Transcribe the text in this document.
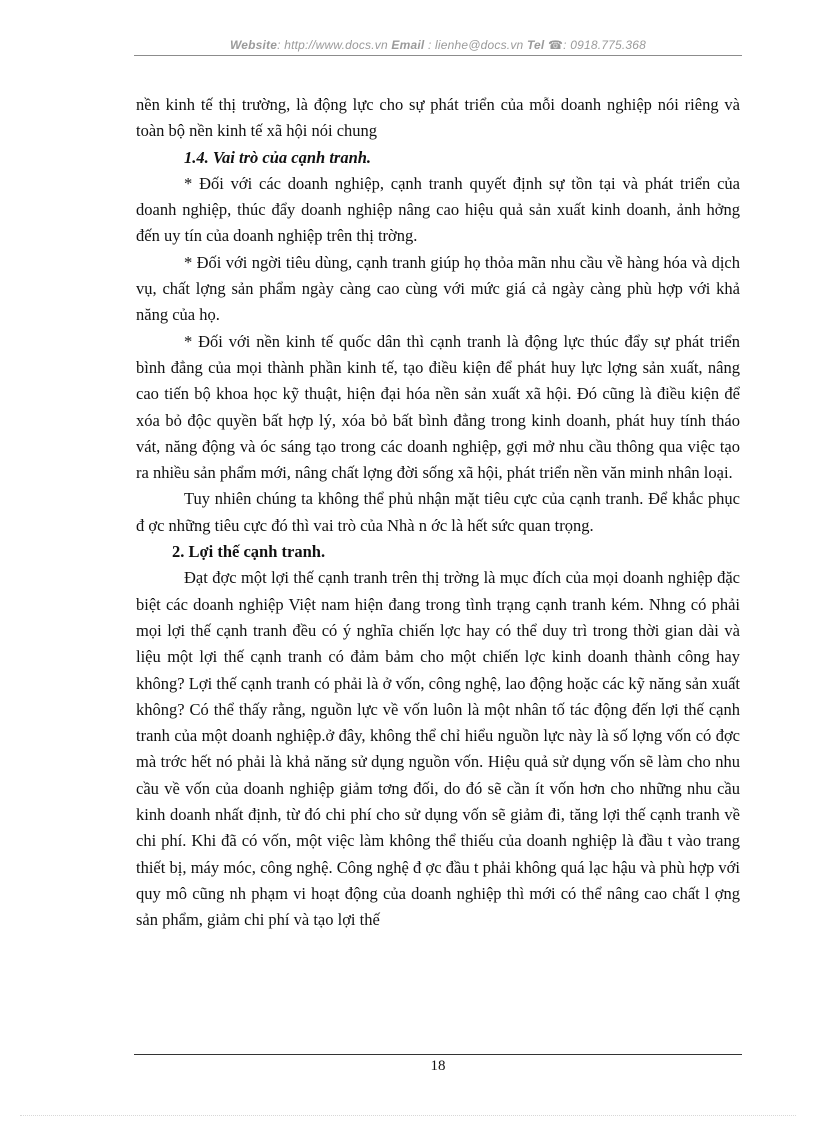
Website: http://www.docs.vn Email : lienhe@docs.vn Tel ☎: 0918.775.368

nền kinh tế thị trường, là động lực cho sự phát triển của mỗi doanh nghiệp nói riêng và toàn bộ nền kinh tế xã hội nói chung

1.4. Vai trò của cạnh tranh.

* Đối với các doanh nghiệp, cạnh tranh quyết định sự tồn tại và phát triển của doanh nghiệp, thúc đẩy doanh nghiệp nâng cao hiệu quả sản xuất kinh doanh, ảnh hởng đến uy tín của doanh nghiệp trên thị trờng.

* Đối với ngời tiêu dùng, cạnh tranh giúp họ thỏa mãn nhu cầu về hàng hóa và dịch vụ, chất lợng sản phẩm ngày càng cao cùng với mức giá cả ngày càng phù hợp với khả năng của họ.

* Đối với nền kinh tế quốc dân thì cạnh tranh là động lực thúc đẩy sự phát triển bình đẳng của mọi thành phần kinh tế, tạo điều kiện để phát huy lực lợng sản xuất, nâng cao tiến bộ khoa học kỹ thuật, hiện đại hóa nền sản xuất xã hội. Đó cũng là điều kiện để xóa bỏ độc quyền bất hợp lý, xóa bỏ bất bình đẳng trong kinh doanh, phát huy tính tháo vát, năng động và óc sáng tạo trong các doanh nghiệp, gợi mở nhu cầu thông qua việc tạo ra nhiều sản phẩm mới, nâng chất lợng đời sống xã hội, phát triển nền văn minh nhân loại.

Tuy nhiên chúng ta không thể phủ nhận mặt tiêu cực của cạnh tranh. Để khắc phục đ ợc những tiêu cực đó thì vai trò của Nhà n ớc là hết sức quan trọng.

2. Lợi thế cạnh tranh.

Đạt đợc một lợi thế cạnh tranh trên thị trờng là mục đích của mọi doanh nghiệp đặc biệt các doanh nghiệp Việt nam hiện đang trong tình trạng cạnh tranh kém. Nhng có phải mọi lợi thế cạnh tranh đều có ý nghĩa chiến lợc hay có thể duy trì trong thời gian dài và liệu một lợi thế cạnh tranh có đảm bảm cho một chiến lợc kinh doanh thành công hay không? Lợi thế cạnh tranh có phải là ở vốn, công nghệ, lao động hoặc các kỹ năng sản xuất không? Có thể thấy rằng, nguồn lực về vốn luôn là một nhân tố tác động đến lợi thế cạnh tranh của một doanh nghiệp.ở đây, không thể chỉ hiểu nguồn lực này là số lợng vốn có đợc mà trớc hết nó phải là khả năng sử dụng nguồn vốn. Hiệu quả sử dụng vốn sẽ làm cho nhu cầu về vốn của doanh nghiệp giảm tơng đối, do đó sẽ cần ít vốn hơn cho những nhu cầu kinh doanh nhất định, từ đó chi phí cho sử dụng vốn sẽ giảm đi, tăng lợi thế cạnh tranh về chi phí. Khi đã có vốn, một việc làm không thể thiếu của doanh nghiệp là đầu t vào trang thiết bị, máy móc, công nghệ. Công nghệ đ ợc đầu t phải không quá lạc hậu và phù hợp với quy mô cũng nh phạm vi hoạt động của doanh nghiệp thì mới có thể nâng cao chất l ợng sản phẩm, giảm chi phí và tạo lợi thế

18
